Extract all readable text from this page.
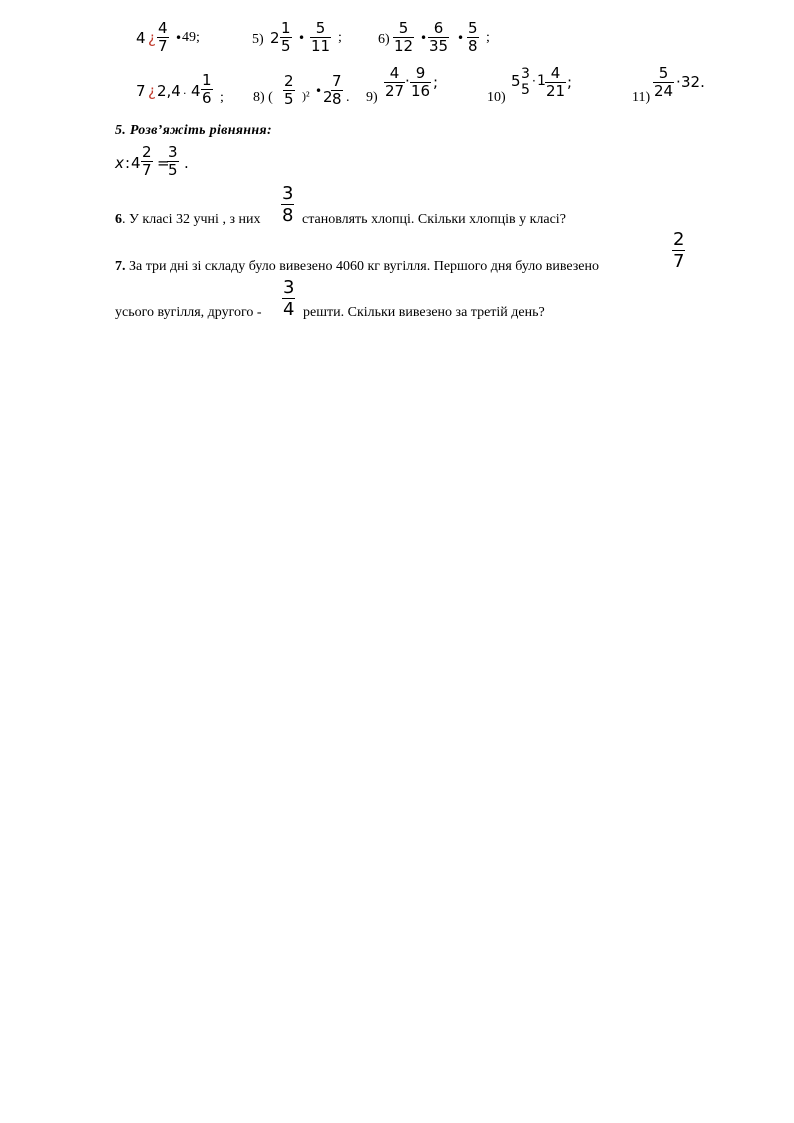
4 ¿ $\frac{4}{7}$ • 49;	5) $2 \frac{1}{5}$ • $\frac{5}{11}$ ;	$6) \frac{5}{12}$ • $\frac{6}{35}$ • $\frac{5}{8}$ ;
7 ¿ 2,4 . $4 \frac{1}{6}$ ; 8) ( $\frac{2}{5} )^2$ • 2
$\frac{7}{8}$ . $9) \frac{4}{27} \cdot \frac{9}{16}$ ;
10)
5 3
5
· $1 \frac{4}{21}$ ;
$11) \frac{5}{24} \cdot 32$.
5. Розв’яжіть рівняння:
x : $4 \frac{2}{7}$ =
$\frac{3}{5}$ .
6. У класі 32 учні , з них $\frac{3}{8}$ становлять хлопці. Скільки хлопців у класі?
7. За три дні зі складу було вивезено 4060 кг вугілля. Першого дня було вивезено	$\frac{2}{7}$
усього вугілля, другого - $\frac{3}{4}$ решти. Скільки вивезено за третій день?
